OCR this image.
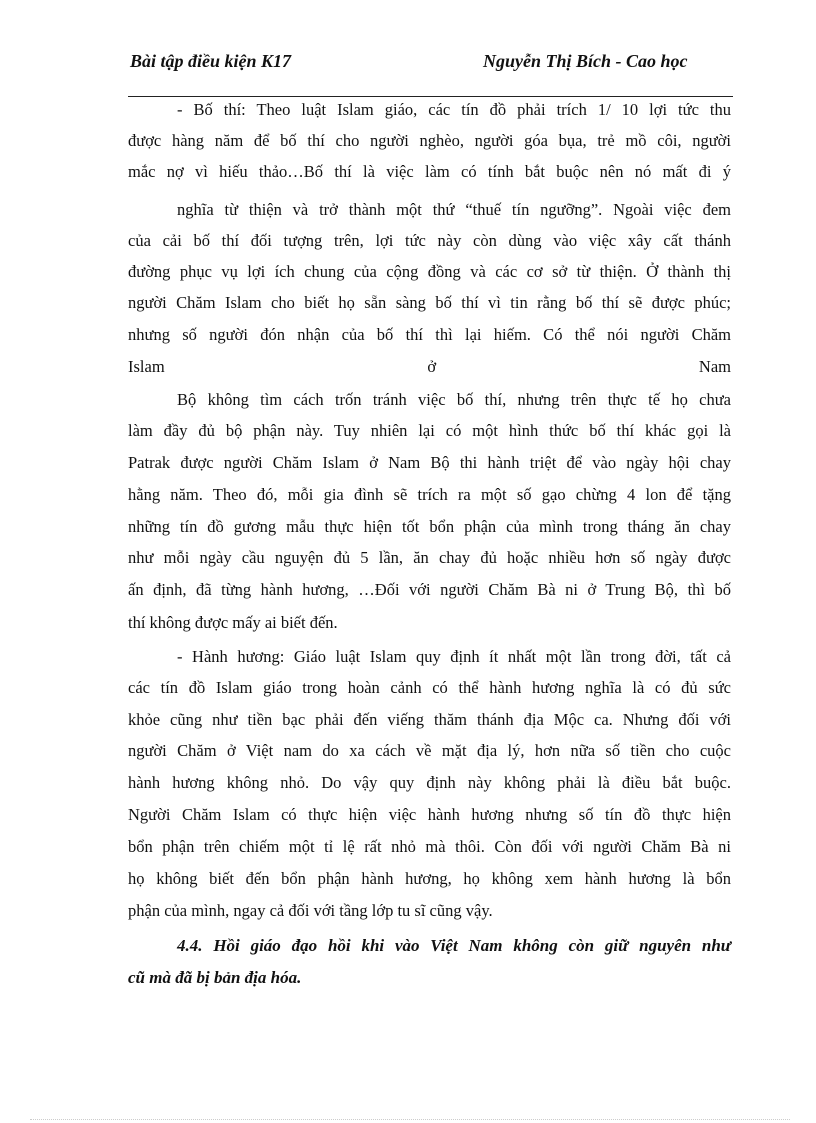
Bài tập điều kiện K17	Nguyễn Thị Bích - Cao học
- Bố thí: Theo luật Islam giáo, các tín đồ phải trích 1/ 10 lợi tức thu
được hàng năm để bố thí cho người nghèo, người góa bụa, trẻ mồ côi, người
mắc nợ vì hiếu thảo…Bố thí là việc làm có tính bắt buộc nên nó mất đi ý
nghĩa từ thiện và trở thành một thứ “thuế tín ngưỡng”. Ngoài việc đem
của cải bố thí đối tượng trên, lợi tức này còn dùng vào việc xây cất thánh
đường phục vụ lợi ích chung của cộng đồng và các cơ sở từ thiện. Ở thành thị
người Chăm Islam cho biết họ sẵn sàng bố thí vì tin rằng bố thí sẽ được phúc;
nhưng số người đón nhận của bố thí thì lại hiếm. Có thể nói người Chăm
Islam ở Nam
Bộ không tìm cách trốn tránh việc bố thí, nhưng trên thực tế họ chưa
làm đầy đủ bộ phận này. Tuy nhiên lại có một hình thức bố thí khác gọi là
Patrak được người Chăm Islam ở Nam Bộ thi hành triệt để vào ngày hội chay
hằng năm. Theo đó, mỗi gia đình sẽ trích ra một số gạo chừng 4 lon để tặng
những tín đồ gương mẫu thực hiện tốt bổn phận của mình trong tháng ăn chay
như mỗi ngày cầu nguyện đủ 5 lần, ăn chay đủ hoặc nhiều hơn số ngày được
ấn định, đã từng hành hương, …Đối với người Chăm Bà ni ở Trung Bộ, thì bố
thí không được mấy ai biết đến.
- Hành hương: Giáo luật Islam quy định ít nhất một lần trong đời, tất cả
các tín đồ Islam giáo trong hoàn cảnh có thể hành hương nghĩa là có đủ sức
khỏe cũng như tiền bạc phải đến viếng thăm thánh địa Mộc ca. Nhưng đối với
người Chăm ở Việt nam do xa cách về mặt địa lý, hơn nữa số tiền cho cuộc
hành hương không nhỏ. Do vậy quy định này không phải là điều bắt buộc.
Người Chăm Islam có thực hiện việc hành hương nhưng số tín đồ thực hiện
bổn phận trên chiếm một tỉ lệ rất nhỏ mà thôi. Còn đối với người Chăm Bà ni
họ không biết đến bổn phận hành hương, họ không xem hành hương là bổn
phận của mình, ngay cả đối với tầng lớp tu sĩ cũng vậy.
4.4. Hồi giáo đạo hồi khi vào Việt Nam không còn giữ nguyên như
cũ mà đã bị bản địa hóa.
